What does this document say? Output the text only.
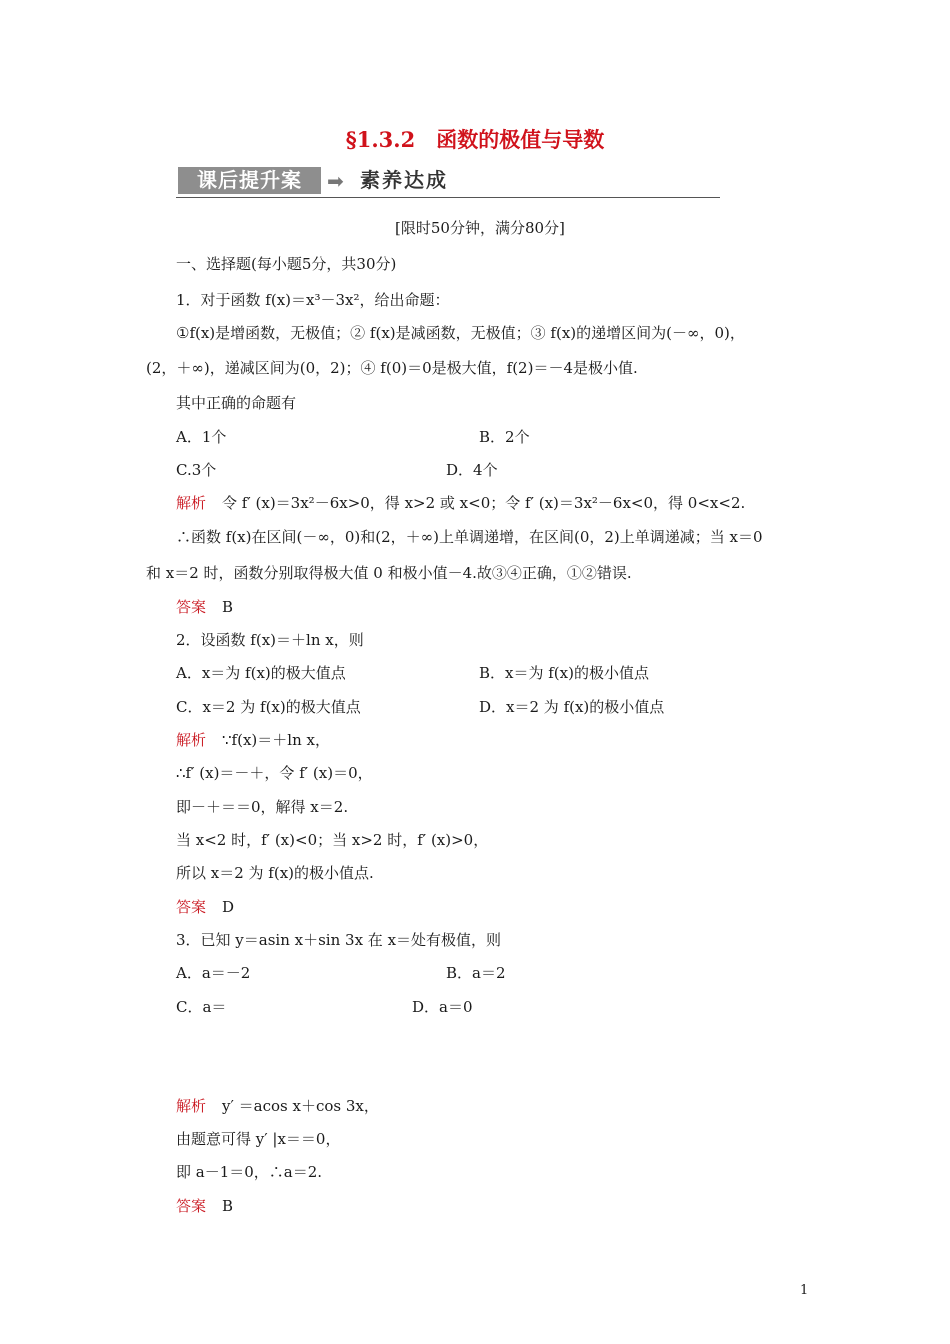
§1.3.2　函数的极值与导数
课后提升案	➡ 素养达成
[限时50分钟，满分80分]
一、选择题(每小题5分，共30分)
1．对于函数 f(x)＝x³－3x²，给出命题：
①f(x)是增函数，无极值；② f(x)是减函数，无极值；③ f(x)的递增区间为(－∞，0)，
(2，＋∞)，递减区间为(0，2)；④ f(0)＝0是极大值，f(2)＝－4是极小值.
其中正确的命题有
A．1个	B．2个
C.3个	D．4个
解析 令 f′ (x)＝3x²－6x>0，得 x>2 或 x<0；令 f′ (x)＝3x²－6x<0，得 0<x<2.
∴函数 f(x)在区间(－∞，0)和(2，＋∞)上单调递增，在区间(0，2)上单调递减；当 x＝0
和 x＝2 时，函数分别取得极大值 0 和极小值－4.故③④正确，①②错误.
答案 B
2．设函数 f(x)＝＋ln x，则
A．x＝为 f(x)的极大值点	B．x＝为 f(x)的极小值点
C．x＝2 为 f(x)的极大值点	D．x＝2 为 f(x)的极小值点
解析 ∵f(x)＝＋ln x，
∴f′ (x)＝－＋，令 f′ (x)＝0，
即－＋＝＝0，解得 x＝2.
当 x<2 时，f′ (x)<0；当 x>2 时，f′ (x)>0，
所以 x＝2 为 f(x)的极小值点.
答案 D
3．已知 y＝asin x＋sin 3x 在 x＝处有极值，则
A．a＝－2	B．a＝2
C．a＝	D．a＝0
解析 y′ ＝acos x＋cos 3x，
由题意可得 y′ |x＝＝0，
即 a－1＝0，∴a＝2.
答案 B
1
